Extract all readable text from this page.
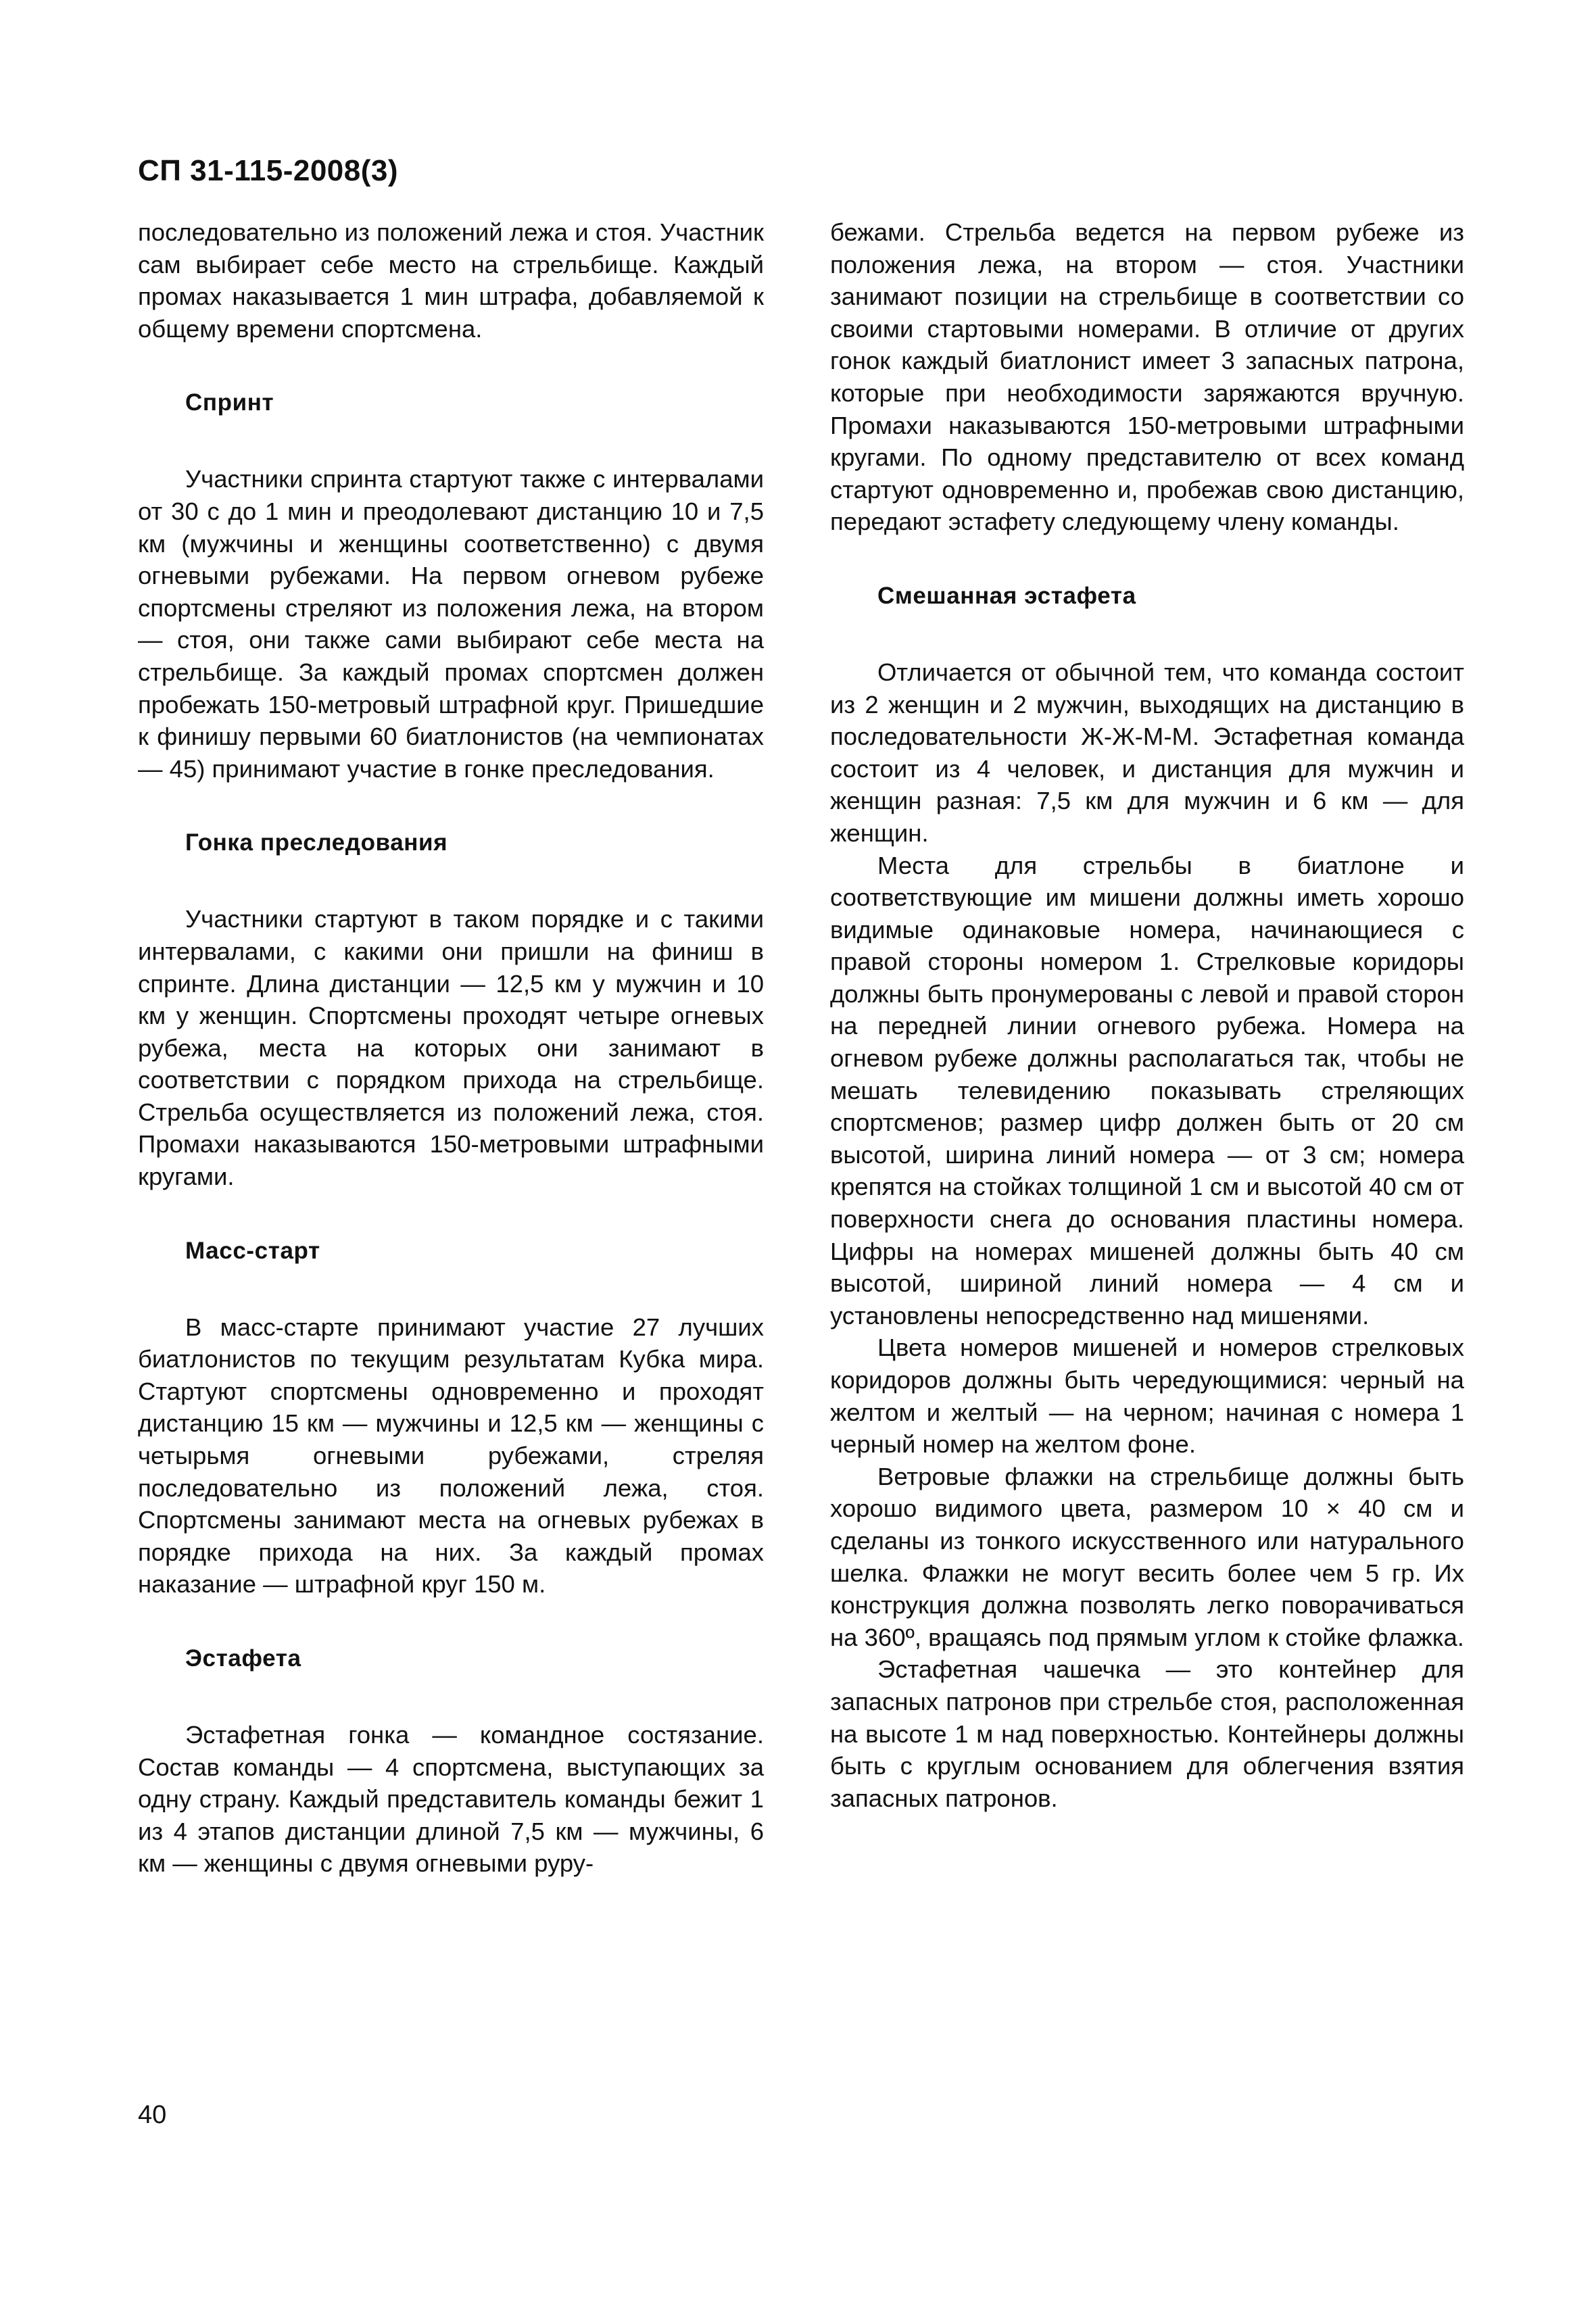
СП 31-115-2008(3)

последовательно из положений лежа и стоя. Участник сам выбирает себе место на стрельбище. Каждый промах наказывается 1 мин штрафа, добавляемой к общему времени спортсмена.

Спринт

Участники спринта стартуют также с интервалами от 30 с до 1 мин и преодолевают дистанцию 10 и 7,5 км (мужчины и женщины соответственно) с двумя огневыми рубежами. На первом огневом рубеже спортсмены стреляют из положения лежа, на втором — стоя, они также сами выбирают себе места на стрельбище. За каждый промах спортсмен должен пробежать 150-метровый штрафной круг. Пришедшие к финишу первыми 60 биатлонистов (на чемпионатах — 45) принимают участие в гонке преследования.

Гонка преследования

Участники стартуют в таком порядке и с такими интервалами, с какими они пришли на финиш в спринте. Длина дистанции — 12,5 км у мужчин и 10 км у женщин. Спортсмены проходят четыре огневых рубежа, места на которых они занимают в соответствии с порядком прихода на стрельбище. Стрельба осуществляется из положений лежа, стоя. Промахи наказываются 150-метровыми штрафными кругами.

Масс-старт

В масс-старте принимают участие 27 лучших биатлонистов по текущим результатам Кубка мира. Стартуют спортсмены одновременно и проходят дистанцию 15 км — мужчины и 12,5 км — женщины с четырьмя огневыми рубежами, стреляя последовательно из положений лежа, стоя. Спортсмены занимают места на огневых рубежах в порядке прихода на них. За каждый промах наказание — штрафной круг 150 м.

Эстафета

Эстафетная гонка — командное состязание. Состав команды — 4 спортсмена, выступающих за одну страну. Каждый представитель команды бежит 1 из 4 этапов дистанции длиной 7,5 км — мужчины, 6 км — женщины с двумя огневыми руру-

бежами. Стрельба ведется на первом рубеже из положения лежа, на втором — стоя. Участники занимают позиции на стрельбище в соответствии со своими стартовыми номерами. В отличие от других гонок каждый биатлонист имеет 3 запасных патрона, которые при необходимости заряжаются вручную. Промахи наказываются 150-метровыми штрафными кругами. По одному представителю от всех команд стартуют одновременно и, пробежав свою дистанцию, передают эстафету следующему члену команды.

Смешанная эстафета

Отличается от обычной тем, что команда состоит из 2 женщин и 2 мужчин, выходящих на дистанцию в последовательности Ж-Ж-М-М. Эстафетная команда состоит из 4 человек, и дистанция для мужчин и женщин разная: 7,5 км для мужчин и 6 км — для женщин.

Места для стрельбы в биатлоне и соответствующие им мишени должны иметь хорошо видимые одинаковые номера, начинающиеся с правой стороны номером 1. Стрелковые коридоры должны быть пронумерованы с левой и правой сторон на передней линии огневого рубежа. Номера на огневом рубеже должны располагаться так, чтобы не мешать телевидению показывать стреляющих спортсменов; размер цифр должен быть от 20 см высотой, ширина линий номера — от 3 см; номера крепятся на стойках толщиной 1 см и высотой 40 см от поверхности снега до основания пластины номера. Цифры на номерах мишеней должны быть 40 см высотой, шириной линий номера — 4 см и установлены непосредственно над мишенями.

Цвета номеров мишеней и номеров стрелковых коридоров должны быть чередующимися: черный на желтом и желтый — на черном; начиная с номера 1 черный номер на желтом фоне.

Ветровые флажки на стрельбище должны быть хорошо видимого цвета, размером 10 × 40 см и сделаны из тонкого искусственного или натурального шелка. Флажки не могут весить более чем 5 гр. Их конструкция должна позволять легко поворачиваться на 360º, вращаясь под прямым углом к стойке флажка.

Эстафетная чашечка — это контейнер для запасных патронов при стрельбе стоя, расположенная на высоте 1 м над поверхностью. Контейнеры должны быть с круглым основанием для облегчения взятия запасных патронов.

40
